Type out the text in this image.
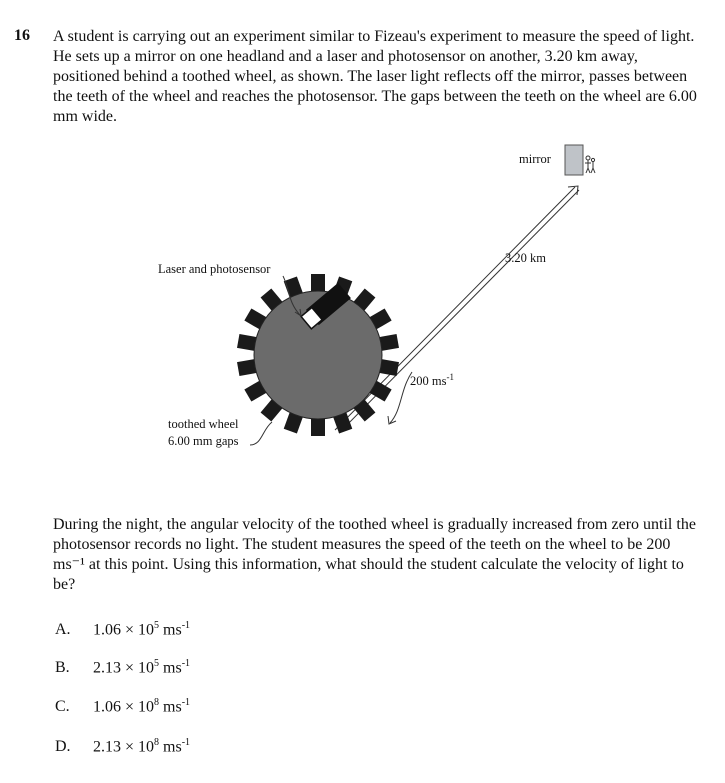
16 A student is carrying out an experiment similar to Fizeau's experiment to measure the speed of light. He sets up a mirror on one headland and a laser and photosensor on another, 3.20 km away, positioned behind a toothed wheel, as shown. The laser light reflects off the mirror, passes between the teeth of the wheel and reaches the photosensor. The gaps between the teeth on the wheel are 6.00 mm wide.
mirror
3.20 km
Laser and photosensor
200 $ms^{-1}$
toothed wheel
6.00 mm gaps
During the night, the angular velocity of the toothed wheel is gradually increased from zero until the photosensor records no light. The student measures the speed of the teeth on the wheel to be 200 ms⁻¹ at this point. Using this information, what should the student calculate the velocity of light to be?
A. $1.06 \times 10^5$ $ms^{-1}$
B. $2.13 \times 10^5$ $ms^{-1}$
C. $1.06 \times 10^8$ $ms^{-1}$
D. $2.13 \times 10^8$ $ms^{-1}$
